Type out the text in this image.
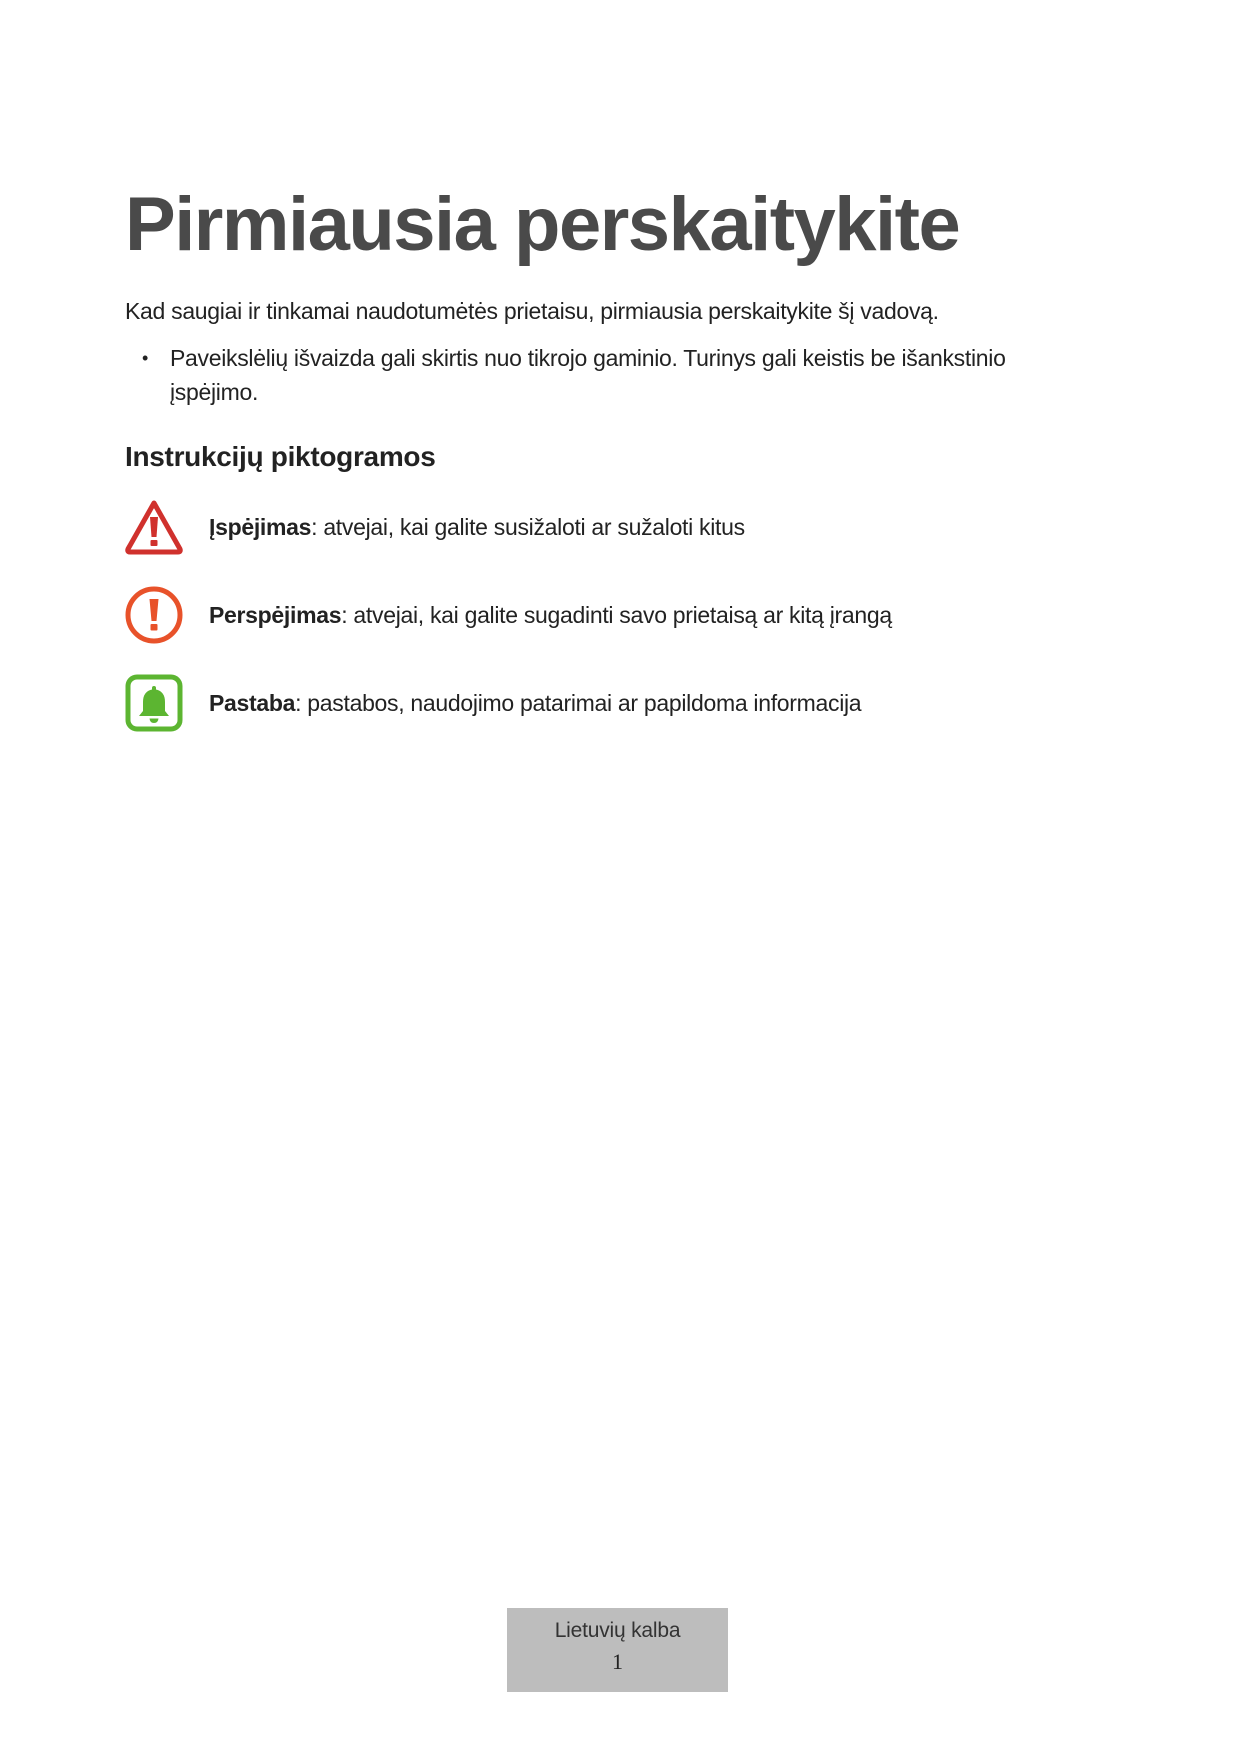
Pirmiausia perskaitykite

Kad saugiai ir tinkamai naudotumėtės prietaisu, pirmiausia perskaitykite šį vadovą.

• Paveikslėlių išvaizda gali skirtis nuo tikrojo gaminio. Turinys gali keistis be išankstinio įspėjimo.
Instrukcijų piktogramos
Įspėjimas: atvejai, kai galite susižaloti ar sužaloti kitus
Perspėjimas: atvejai, kai galite sugadinti savo prietaisą ar kitą įrangą
Pastaba: pastabos, naudojimo patarimai ar papildoma informacija
Lietuvių kalba
1
